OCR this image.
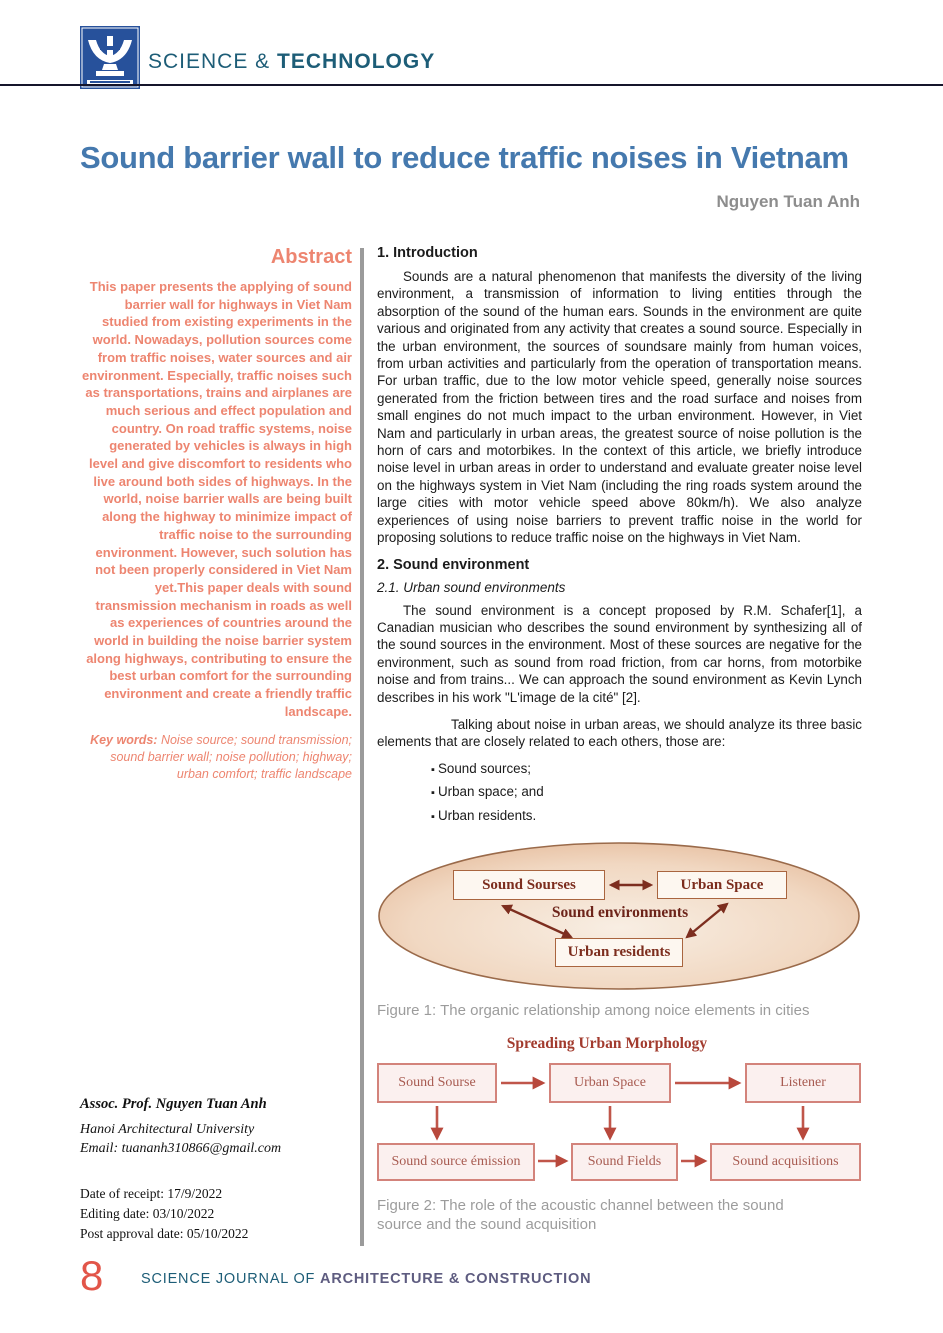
SCIENCE & TECHNOLOGY
Sound barrier wall to reduce traffic noises in Vietnam
Nguyen Tuan Anh
Abstract
This paper presents the applying of sound barrier wall for highways in Viet Nam studied from existing experiments in the world. Nowadays, pollution sources come from traffic noises, water sources and air environment. Especially, traffic noises such as transportations, trains and airplanes are much serious and effect population and country. On road traffic systems, noise generated by vehicles is always in high level and give discomfort to residents who live around both sides of highways. In the world, noise barrier walls are being built along the highway to minimize impact of traffic noise to the surrounding environment. However, such solution has not been properly considered in Viet Nam yet.This paper deals with sound transmission mechanism in roads as well as experiences of countries around the world in building the noise barrier system along highways, contributing to ensure the best urban comfort for the surrounding environment and create a friendly traffic landscape.
Key words: Noise source; sound transmission; sound barrier wall; noise pollution; highway; urban comfort; traffic landscape
1. Introduction

Sounds are a natural phenomenon that manifests the diversity of the living environment, a transmission of information to living entities through the absorption of the sound of the human ears. Sounds in the environment are quite various and originated from any activity that creates a sound source. Especially in the urban environment, the sources of soundsare mainly from human voices, from urban activities and particularly from the operation of transportation means. For urban traffic, due to the low motor vehicle speed, generally noise sources generated from the friction between tires and the road surface and noises from small engines do not much impact to the urban environment. However, in Viet Nam and particularly in urban areas, the greatest source of noise pollution is the horn of cars and motorbikes. In the context of this article, we briefly introduce noise level in urban areas in order to understand and evaluate greater noise level on the highways system in Viet Nam (including the ring roads system around the large cities with motor vehicle speed above 80km/h). We also analyze experiences of using noise barriers to prevent traffic noise in the world for proposing solutions to reduce traffic noise on the highways in Viet Nam.

2. Sound environment
2.1. Urban sound environments

The sound environment is a concept proposed by R.M. Schafer[1], a Canadian musician who describes the sound environment by synthesizing all of the sound sources in the environment. Most of these sources are negative for the environment, such as sound from road friction, from car horns, from motorbike noise and from trains... We can approach the sound environment as Kevin Lynch describes in his work "L'image de la cité" [2].

Talking about noise in urban areas, we should analyze its three basic elements that are closely related to each others, those are:

▪ Sound sources;
▪ Urban space; and
▪ Urban residents.
Sound Sourses	Urban Space
Urban residents
Sound environments

Figure 1: The organic relationship among noice elements in cities

Spreading Urban Morphology
Sound Sourse	Urban Space	Listener
Sound source émission	Sound Fields	Sound acquisitions

Figure 2: The role of the acoustic channel between the sound source and the sound acquisition

Assoc. Prof. Nguyen Tuan Anh
Hanoi Architectural University
Email: tuananh310866@gmail.com
Date of receipt: 17/9/2022
Editing date: 03/10/2022
Post approval date: 05/10/2022
8	SCIENCE JOURNAL OF ARCHITECTURE & CONSTRUCTION
